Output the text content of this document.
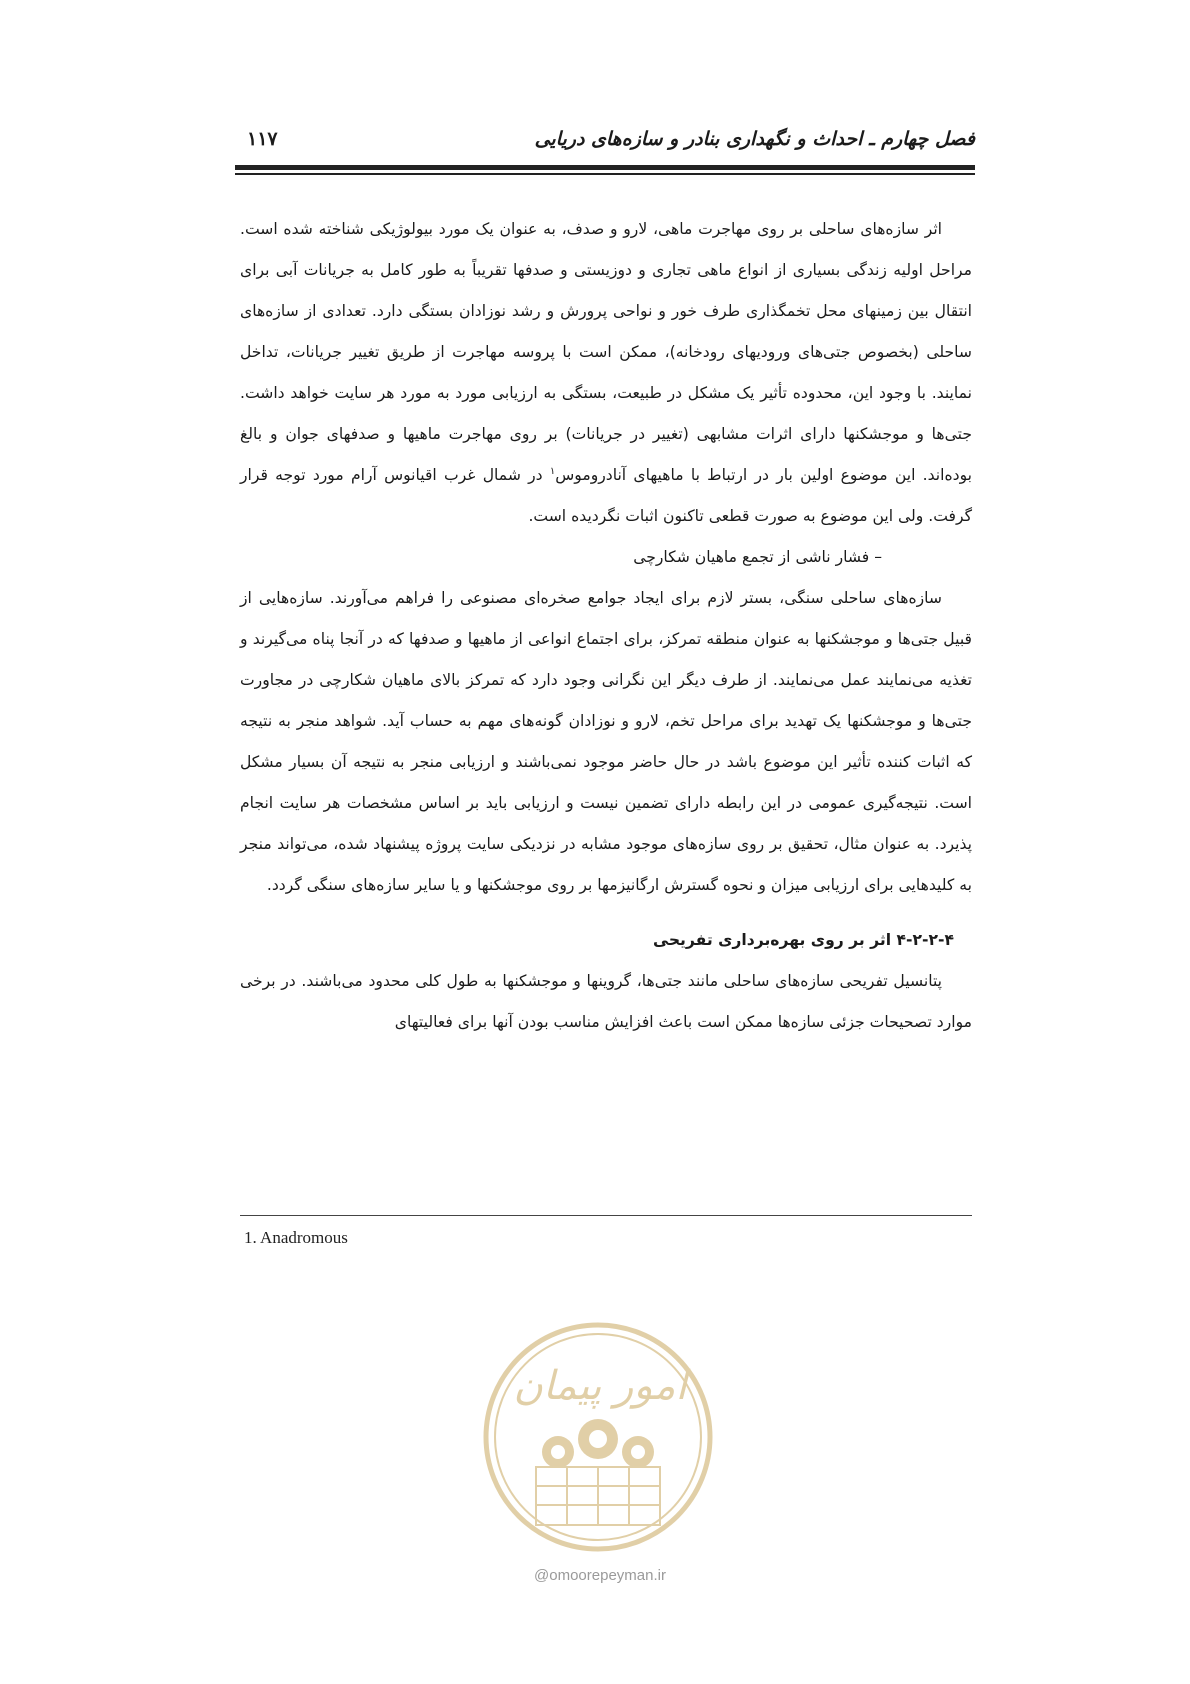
فصل چهارم ـ احداث و نگهداری بنادر و سازه‌های دریایی
۱۱۷

اثر سازه‌های ساحلی بر روی مهاجرت ماهی، لارو و صدف، به عنوان یک مورد بیولوژیکی شناخته شده است. مراحل اولیه زندگی بسیاری از انواع ماهی تجاری و دوزیستی و صدفها تقریباً به طور کامل به جریانات آبی برای انتقال بین زمینهای محل تخمگذاری طرف خور و نواحی پرورش و رشد نوزادان بستگی دارد. تعدادی از سازه‌های ساحلی (بخصوص جتی‌های ورودیهای رودخانه)، ممکن است با پروسه مهاجرت از طریق تغییر جریانات، تداخل نمایند. با وجود این، محدوده تأثیر یک مشکل در طبیعت، بستگی به ارزیابی مورد به مورد هر سایت خواهد داشت. جتی‌ها و موجشکنها دارای اثرات مشابهی (تغییر در جریانات) بر روی مهاجرت ماهیها و صدفهای جوان و بالغ بوده‌اند. این موضوع اولین بار در ارتباط با ماهیهای آنادروموس$^۱$ در شمال غرب اقیانوس آرام مورد توجه قرار گرفت. ولی این موضوع به صورت قطعی تاکنون اثبات نگردیده است.

– فشار ناشی از تجمع ماهیان شکارچی

سازه‌های ساحلی سنگی، بستر لازم برای ایجاد جوامع صخره‌ای مصنوعی را فراهم می‌آورند. سازه‌هایی از قبیل جتی‌ها و موجشکنها به عنوان منطقه تمرکز، برای اجتماع انواعی از ماهیها و صدفها که در آنجا پناه می‌گیرند و تغذیه می‌نمایند عمل می‌نمایند. از طرف دیگر این نگرانی وجود دارد که تمرکز بالای ماهیان شکارچی در مجاورت جتی‌ها و موجشکنها یک تهدید برای مراحل تخم، لارو و نوزادان گونه‌های مهم به حساب آید. شواهد منجر به نتیجه که اثبات کننده تأثیر این موضوع باشد در حال حاضر موجود نمی‌باشند و ارزیابی منجر به نتیجه آن بسیار مشکل است. نتیجه‌گیری عمومی در این رابطه دارای تضمین نیست و ارزیابی باید بر اساس مشخصات هر سایت انجام پذیرد. به عنوان مثال، تحقیق بر روی سازه‌های موجود مشابه در نزدیکی سایت پروژه پیشنهاد شده، می‌تواند منجر به کلیدهایی برای ارزیابی میزان و نحوه گسترش ارگانیزمها بر روی موجشکنها و یا سایر سازه‌های سنگی گردد.

۴-۲-۲-۴ اثر بر روی بهره‌برداری تفریحی

پتانسیل تفریحی سازه‌های ساحلی مانند جتی‌ها، گروینها و موجشکنها به طول کلی محدود می‌باشند. در برخی موارد تصحیحات جزئی سازه‌ها ممکن است باعث افزایش مناسب بودن آنها برای فعالیتهای

1. Anadromous
امور پیمان
@omoorepeyman.ir
